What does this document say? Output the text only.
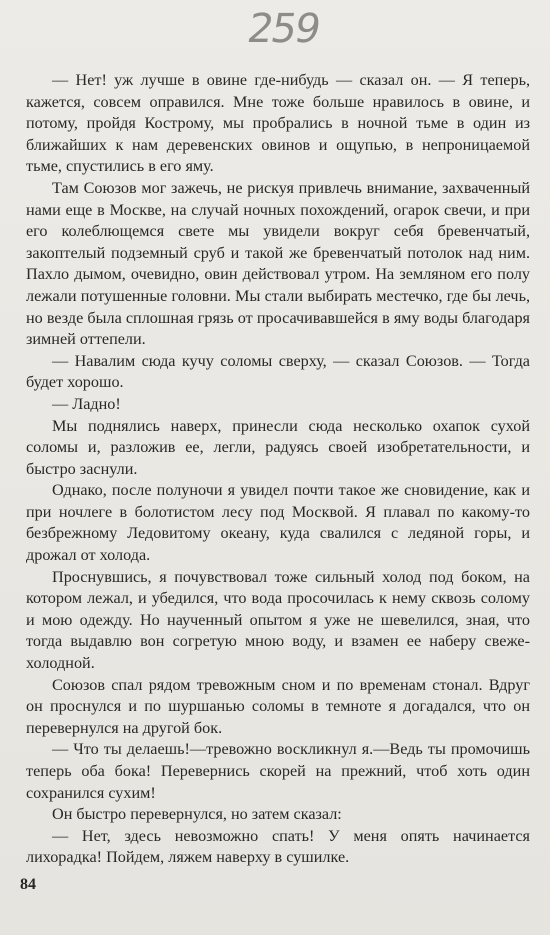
259

— Нет! уж лучше в овине где-нибудь — сказал он. — Я теперь, кажется, совсем оправился. Мне тоже больше нравилось в овине, и потому, пройдя Кострому, мы пробрались в ночной тьме в один из ближайших к нам деревенских овинов и ощупью, в непроницаемой тьме, спустились в его яму.

Там Союзов мог зажечь, не рискуя привлечь внимание, захваченный нами еще в Москве, на случай ночных похождений, огарок свечи, и при его колеблющемся свете мы увидели вокруг себя бревенчатый, закоптелый подземный сруб и такой же бревенчатый потолок над ним. Пахло дымом, очевидно, овин действовал утром. На земляном его полу лежали потушенные головни. Мы стали выбирать местечко, где бы лечь, но везде была сплошная грязь от просачивавшейся в яму воды благодаря зимней оттепели.

— Навалим сюда кучу соломы сверху, — сказал Союзов. — Тогда будет хорошо.

— Ладно!

Мы поднялись наверх, принесли сюда несколько охапок сухой соломы и, разложив ее, легли, радуясь своей изобретательности, и быстро заснули.

Однако, после полуночи я увидел почти такое же сновидение, как и при ночлеге в болотистом лесу под Москвой. Я плавал по какому-то безбрежному Ледовитому океану, куда свалился с ледяной горы, и дрожал от холода.

Проснувшись, я почувствовал тоже сильный холод под боком, на котором лежал, и убедился, что вода просочилась к нему сквозь солому и мою одежду. Но наученный опытом я уже не шевелился, зная, что тогда выдавлю вон согретую мною воду, и взамен ее наберу свеже-холодной.

Союзов спал рядом тревожным сном и по временам стонал. Вдруг он проснулся и по шуршанью соломы в темноте я догадался, что он перевернулся на другой бок.

— Что ты делаешь!—тревожно воскликнул я.—Ведь ты промочишь теперь оба бока! Перевернись скорей на прежний, чтоб хоть один сохранился сухим!

Он быстро перевернулся, но затем сказал:

— Нет, здесь невозможно спать! У меня опять начинается лихорадка! Пойдем, ляжем наверху в сушилке.

84
